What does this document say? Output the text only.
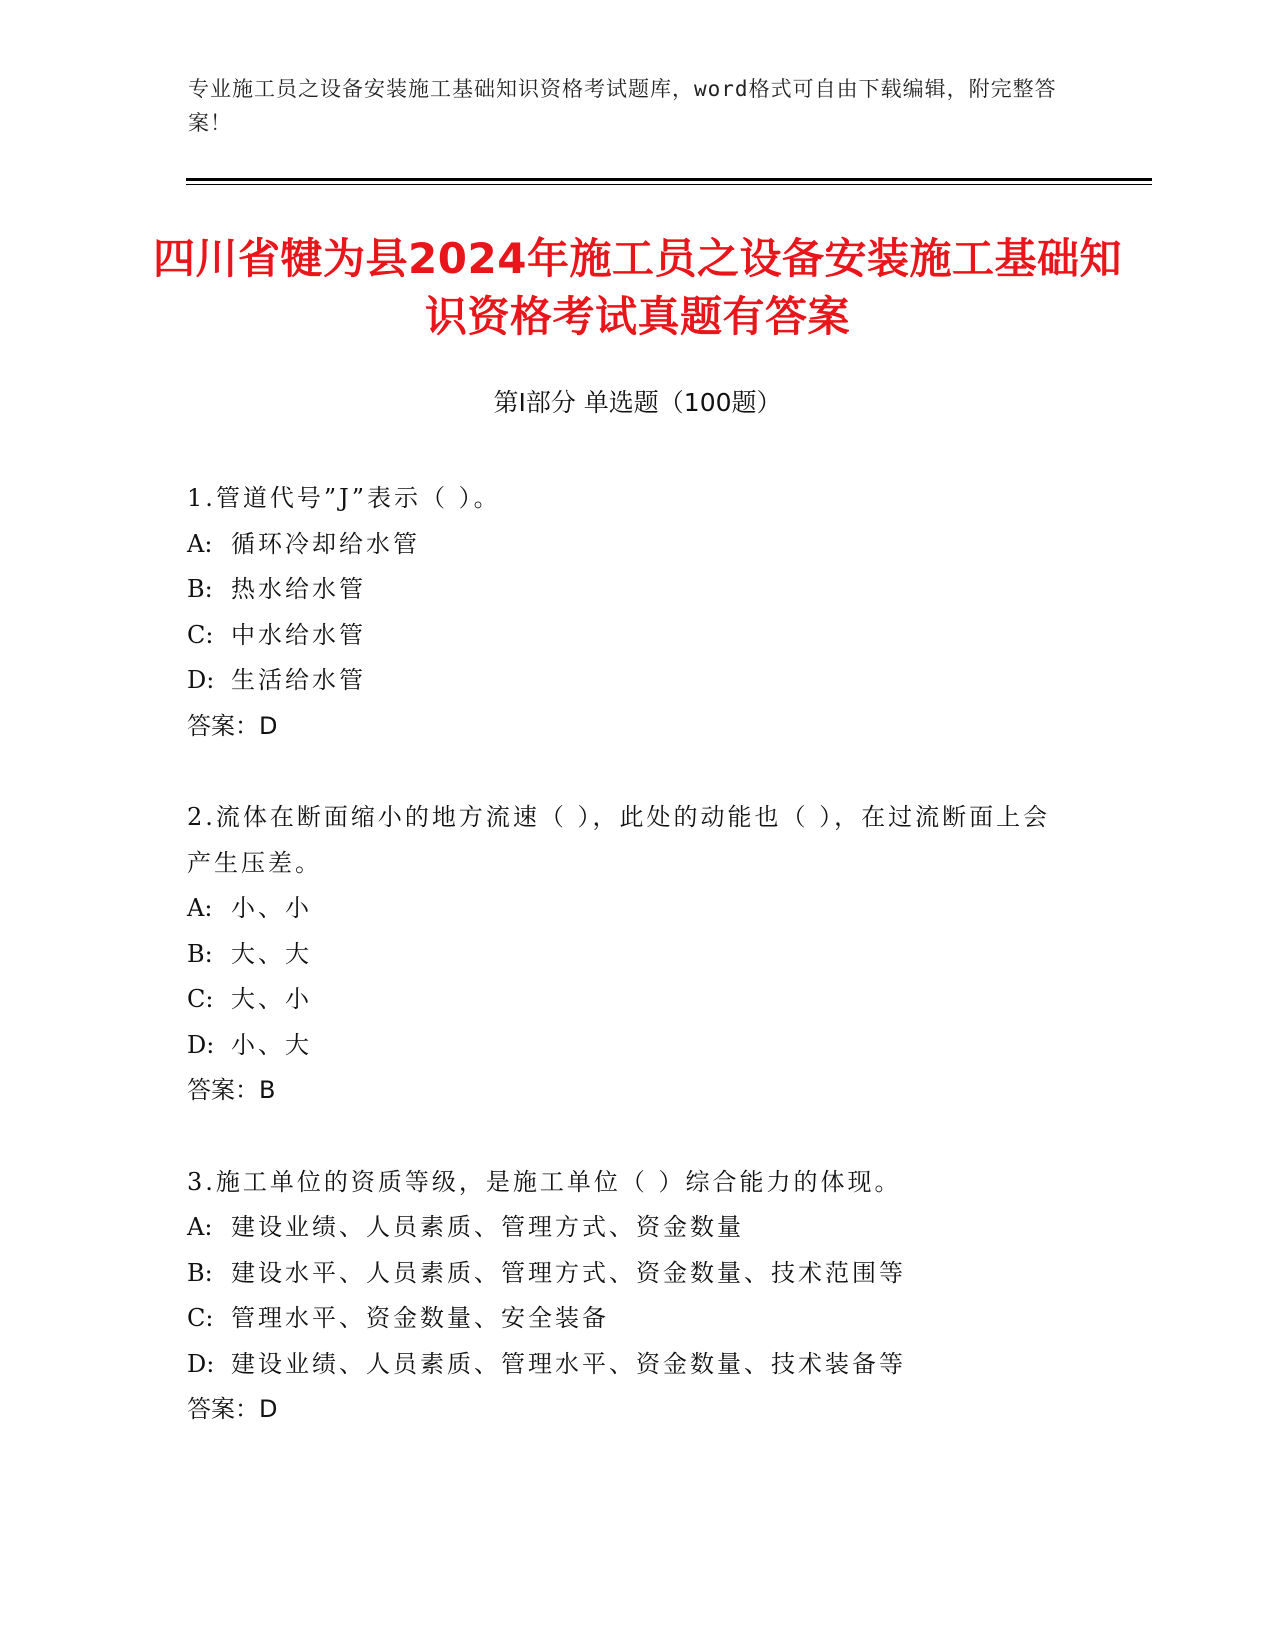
专业施工员之设备安装施工基础知识资格考试题库，word格式可自由下载编辑，附完整答案！
四川省犍为县2024年施工员之设备安装施工基础知识资格考试真题有答案
第Ⅰ部分 单选题（100题）
1.管道代号”J”表示（ ）。
A: 循环冷却给水管
B: 热水给水管
C: 中水给水管
D: 生活给水管
答案：D
2.流体在断面缩小的地方流速（ ），此处的动能也（ ），在过流断面上会产生压差。
A: 小、小
B: 大、大
C: 大、小
D: 小、大
答案：B
3.施工单位的资质等级，是施工单位（ ）综合能力的体现。
A: 建设业绩、人员素质、管理方式、资金数量
B: 建设水平、人员素质、管理方式、资金数量、技术范围等
C: 管理水平、资金数量、安全装备
D: 建设业绩、人员素质、管理水平、资金数量、技术装备等
答案：D
